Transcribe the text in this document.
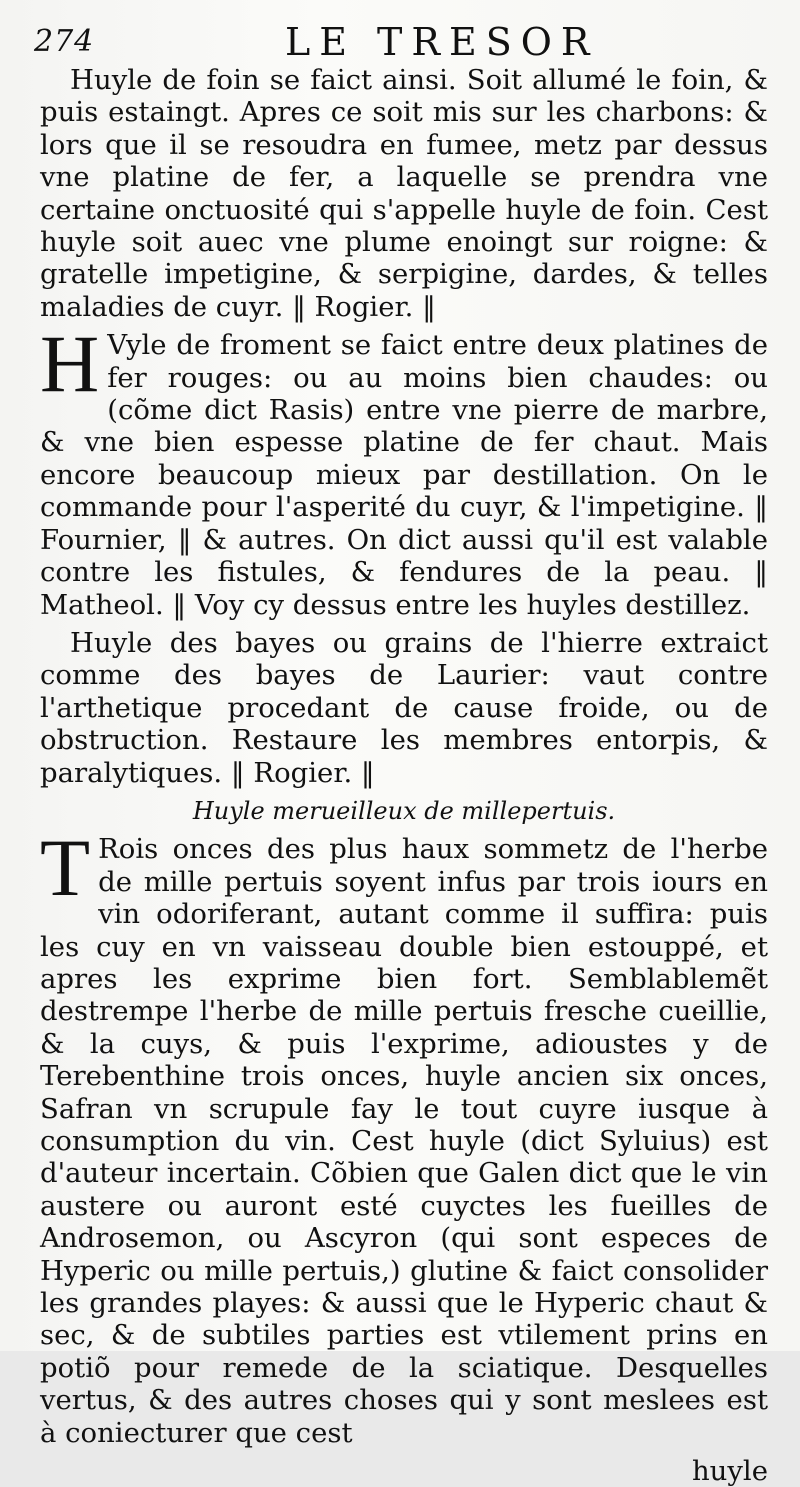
274	LE TRESOR

Huyle de foin se faict ainsi. Soit allumé le foin, & puis estaingt. Apres ce soit mis sur les charbons: & lors que il se resoudra en fumee, metz par dessus vne platine de fer, a laquelle se prendra vne certaine onctuosité qui s'appelle huyle de foin. Cest huyle soit auec vne plume enoingt sur roigne: & gratelle impetigine, & serpigine, dardes, & telles maladies de cuyr. ‖ Rogier. ‖

H Vyle de froment se faict entre deux platines de fer rouges: ou au moins bien chaudes: ou (cõme dict Rasis) entre vne pierre de marbre, & vne bien espesse platine de fer chaut. Mais encore beaucoup mieux par destillation. On le commande pour l'asperité du cuyr, & l'impetigine. ‖ Fournier, ‖ & autres. On dict aussi qu'il est valable contre les fistules, & fendures de la peau. ‖ Matheol. ‖ Voy cy dessus entre les huyles destillez.

Huyle des bayes ou grains de l'hierre extraict comme des bayes de Laurier: vaut contre l'arthetique procedant de cause froide, ou de obstruction. Restaure les membres entorpis, & paralytiques. ‖ Rogier. ‖

Huyle merueilleux de millepertuis.
T Rois onces des plus haux sommetz de l'herbe de mille pertuis soyent infus par trois iours en vin odoriferant, autant comme il suffira: puis les cuy en vn vaisseau double bien estouppé, et apres les exprime bien fort. Semblablemẽt destrempe l'herbe de mille pertuis fresche cueillie, & la cuys, & puis l'exprime, adioustes y de Terebenthine trois onces, huyle ancien six onces, Safran vn scrupule fay le tout cuyre iusque à consumption du vin. Cest huyle (dict Syluius) est d'auteur incertain. Cõbien que Galen dict que le vin austere ou auront esté cuyctes les fueilles de Androsemon, ou Ascyron (qui sont especes de Hyperic ou mille pertuis,) glutine & faict consolider les grandes playes: & aussi que le Hyperic chaut & sec, & de subtiles parties est vtilement prins en potiõ pour remede de la sciatique. Desquelles vertus, & des autres choses qui y sont meslees est à coniecturer que cest

huyle
